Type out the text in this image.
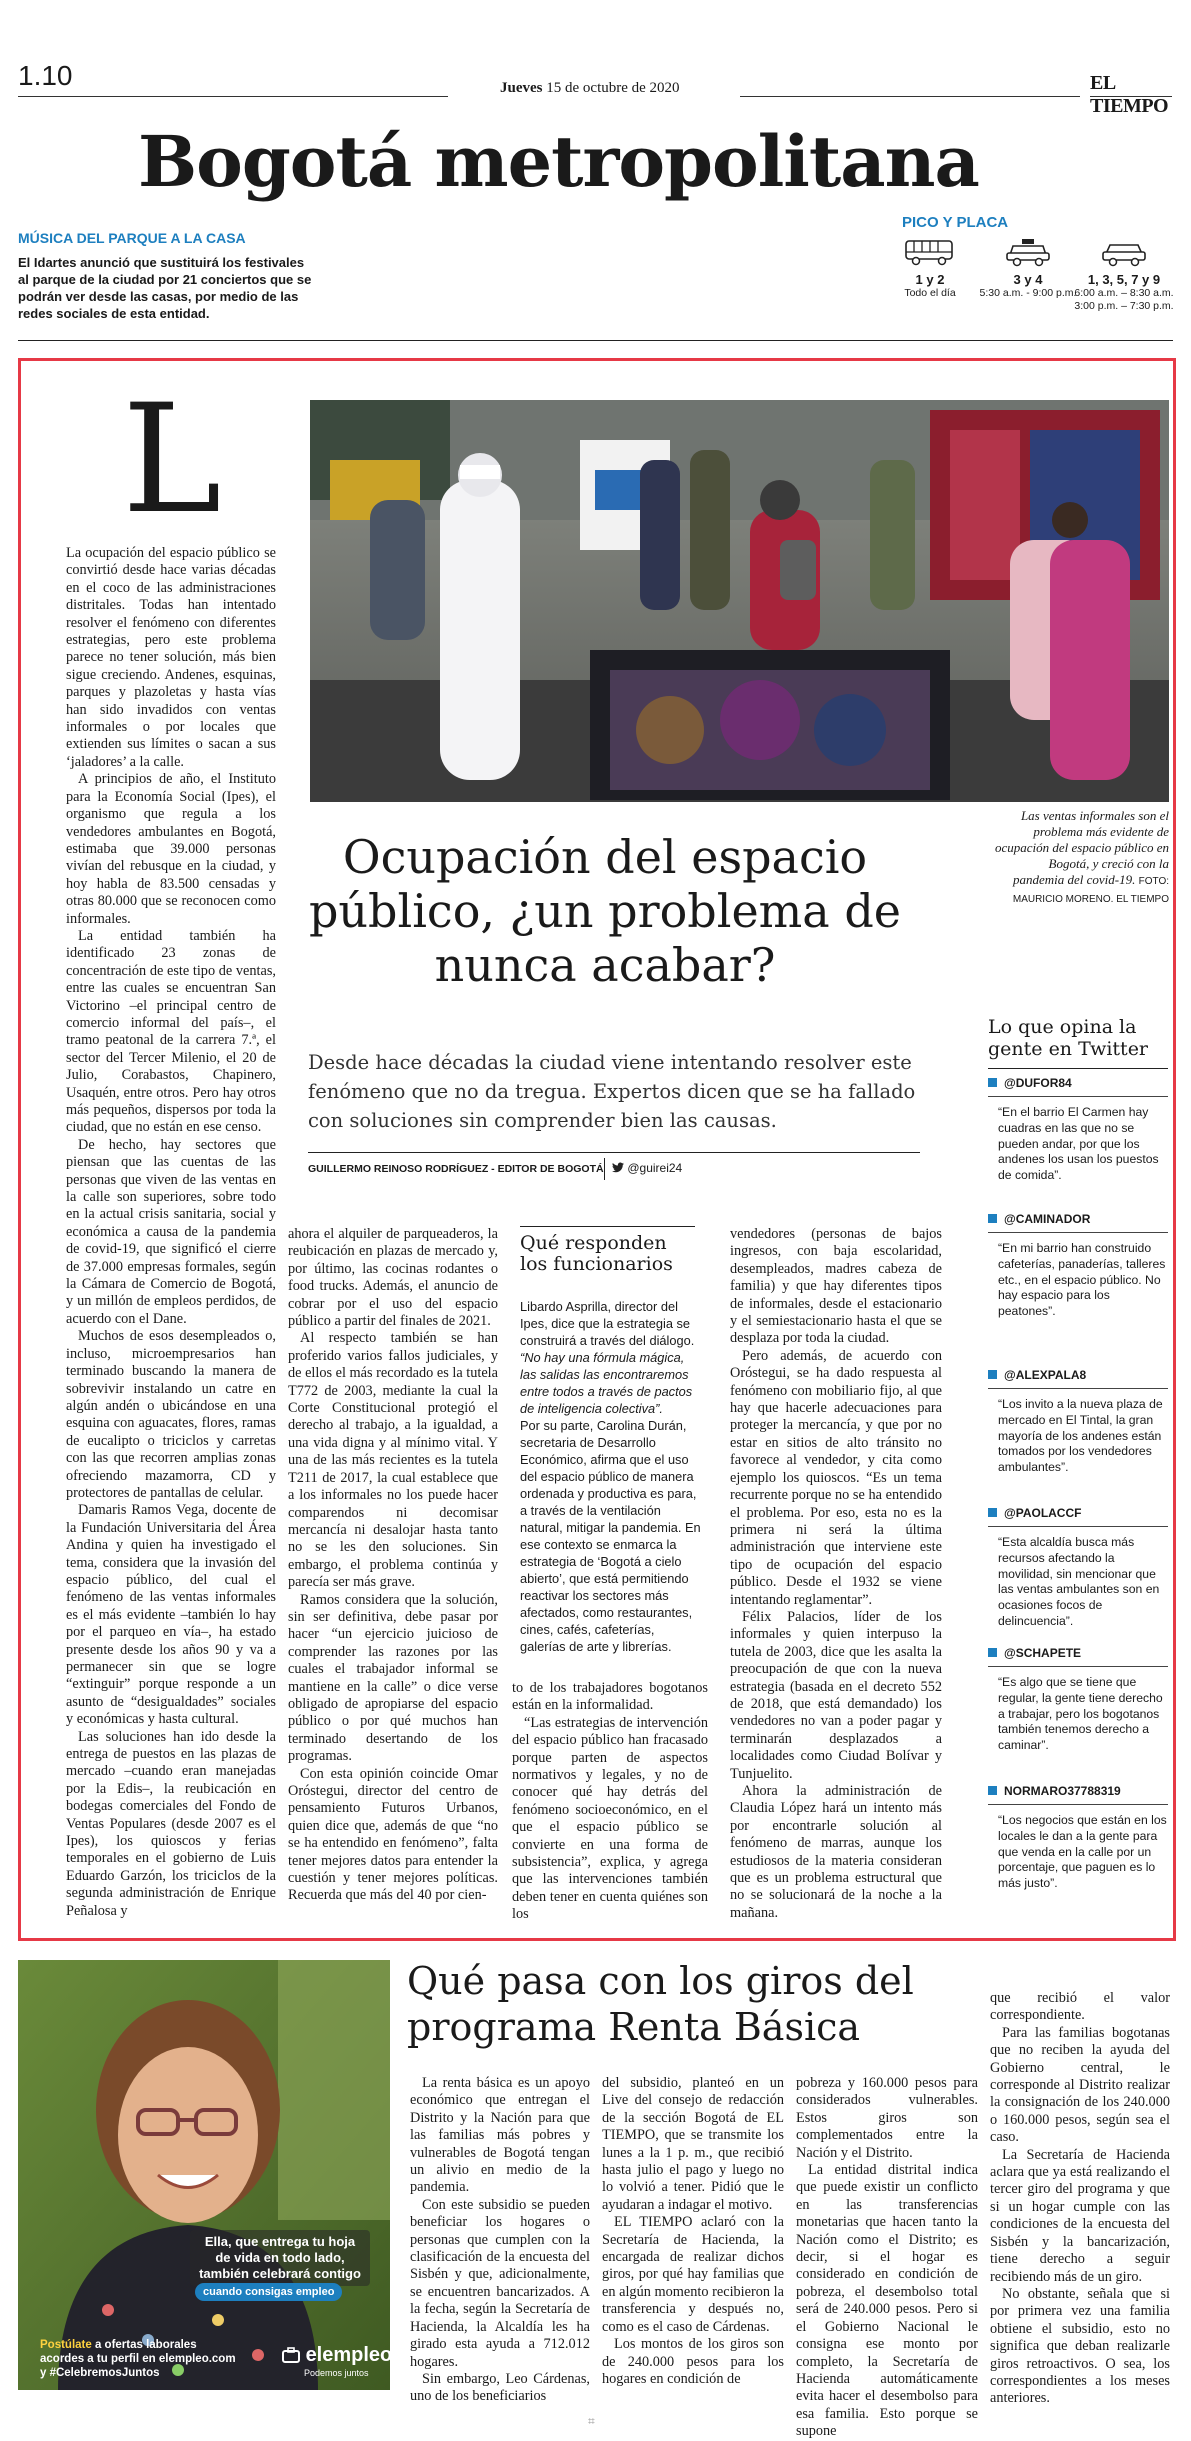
1.10	Jueves 15 de octubre de 2020	EL TIEMPO
Bogotá metropolitana
MÚSICA DEL PARQUE A LA CASA
El Idartes anunció que sustituirá los festivales al parque de la ciudad por 21 conciertos que se podrán ver desde las casas, por medio de las redes sociales de esta entidad.
PICO Y PLACA
1 y 2
Todo el día
3 y 4
5:30 a.m. - 9:00 p.m.
1, 3, 5, 7 y 9
6:00 a.m. – 8:30 a.m.
3:00 p.m. – 7:30 p.m.
L

La ocupación del espacio público se convirtió desde hace varias décadas en el coco de las administraciones distritales. Todas han intentado resolver el fenómeno con diferentes estrategias, pero este problema parece no tener solución, más bien sigue creciendo. Andenes, esquinas, parques y plazoletas y hasta vías han sido invadidos con ventas informales o por locales que extienden sus límites o sacan a sus ‘jaladores’ a la calle.

A principios de año, el Instituto para la Economía Social (Ipes), el organismo que regula a los vendedores ambulantes en Bogotá, estimaba que 39.000 personas vivían del rebusque en la ciudad, y hoy habla de 83.500 censadas y otras 80.000 que se reconocen como informales.

La entidad también ha identificado 23 zonas de concentración de este tipo de ventas, entre las cuales se encuentran San Victorino –el principal centro de comercio informal del país–, el tramo peatonal de la carrera 7.ª, el sector del Tercer Milenio, el 20 de Julio, Corabastos, Chapinero, Usaquén, entre otros. Pero hay otros más pequeños, dispersos por toda la ciudad, que no están en ese censo.

De hecho, hay sectores que piensan que las cuentas de las personas que viven de las ventas en la calle son superiores, sobre todo en la actual crisis sanitaria, social y económica a causa de la pandemia de covid-19, que significó el cierre de 37.000 empresas formales, según la Cámara de Comercio de Bogotá, y un millón de empleos perdidos, de acuerdo con el Dane.

Muchos de esos desempleados o, incluso, microempresarios han terminado buscando la manera de sobrevivir instalando un catre en algún andén o ubicándose en una esquina con aguacates, flores, ramas de eucalipto o triciclos y carretas con las que recorren amplias zonas ofreciendo mazamorra, CD y protectores de pantallas de celular.

Damaris Ramos Vega, docente de la Fundación Universitaria del Área Andina y quien ha investigado el tema, considera que la invasión del espacio público, del cual el fenómeno de las ventas informales es el más evidente –también lo hay por el parqueo en vía–, ha estado presente desde los años 90 y va a permanecer sin que se logre “extinguir” porque responde a un asunto de “desigualdades” sociales y económicas y hasta cultural.

Las soluciones han ido desde la entrega de puestos en las plazas de mercado –cuando eran manejadas por la Edis–, la reubicación en bodegas comerciales del Fondo de Ventas Populares (desde 2007 es el Ipes), los quioscos y ferias temporales en el gobierno de Luis Eduardo Garzón, los triciclos de la segunda administración de Enrique Peñalosa y

Las ventas informales son el problema más evidente de ocupación del espacio público en Bogotá, y creció con la pandemia del covid-19. FOTO: MAURICIO MORENO. EL TIEMPO
Ocupación del espacio público, ¿un problema de nunca acabar?
Desde hace décadas la ciudad viene intentando resolver este fenómeno que no da tregua. Expertos dicen que se ha fallado con soluciones sin comprender bien las causas.
GUILLERMO REINOSO RODRÍGUEZ - EDITOR DE BOGOTÁ	@guirei24

ahora el alquiler de parqueaderos, la reubicación en plazas de mercado y, por último, las cocinas rodantes o food trucks. Además, el anuncio de cobrar por el uso del espacio público a partir del finales de 2021.

Al respecto también se han proferido varios fallos judiciales, y de ellos el más recordado es la tutela T772 de 2003, mediante la cual la Corte Constitucional protegió el derecho al trabajo, a la igualdad, a una vida digna y al mínimo vital. Y una de las más recientes es la tutela T211 de 2017, la cual establece que a los informales no los puede hacer comparendos ni decomisar mercancía ni desalojar hasta tanto no se les den soluciones. Sin embargo, el problema continúa y parecía ser más grave.

Ramos considera que la solución, sin ser definitiva, debe pasar por hacer “un ejercicio juicioso de comprender las razones por las cuales el trabajador informal se mantiene en la calle” o dice verse obligado de apropiarse del espacio público o por qué muchos han terminado desertando de los programas.

Con esta opinión coincide Omar Oróstegui, director del centro de pensamiento Futuros Urbanos, quien dice que, además de que “no se ha entendido en fenómeno”, falta tener mejores datos para entender la cuestión y tener mejores políticas. Recuerda que más del 40 por cien-

Qué responden los funcionarios

Libardo Asprilla, director del Ipes, dice que la estrategia se construirá a través del diálogo. “No hay una fórmula mágica, las salidas las encontraremos entre todos a través de pactos de inteligencia colectiva”.

Por su parte, Carolina Durán, secretaria de Desarrollo Económico, afirma que el uso del espacio público de manera ordenada y productiva es para, a través de la ventilación natural, mitigar la pandemia. En ese contexto se enmarca la estrategia de ‘Bogotá a cielo abierto’, que está permitiendo reactivar los sectores más afectados, como restaurantes, cines, cafés, cafeterías, galerías de arte y librerías.

to de los trabajadores bogotanos están en la informalidad.

“Las estrategias de intervención del espacio público han fracasado porque parten de aspectos normativos y legales, y no de conocer qué hay detrás del fenómeno socioeconómico, en el que el espacio público se convierte en una forma de subsistencia”, explica, y agrega que las intervenciones también deben tener en cuenta quiénes son los

vendedores (personas de bajos ingresos, con baja escolaridad, desempleados, madres cabeza de familia) y que hay diferentes tipos de informales, desde el estacionario y el semiestacionario hasta el que se desplaza por toda la ciudad.

Pero además, de acuerdo con Oróstegui, se ha dado respuesta al fenómeno con mobiliario fijo, al que hay que hacerle adecuaciones para proteger la mercancía, y que por no estar en sitios de alto tránsito no favorece al vendedor, y cita como ejemplo los quioscos. “Es un tema recurrente porque no se ha entendido el problema. Por eso, esta no es la primera ni será la última administración que interviene este tipo de ocupación del espacio público. Desde el 1932 se viene intentando reglamentar”.

Félix Palacios, líder de los informales y quien interpuso la tutela de 2003, dice que les asalta la preocupación de que con la nueva estrategia (basada en el decreto 552 de 2018, que está demandado) los vendedores no van a poder pagar y terminarán desplazados a localidades como Ciudad Bolívar y Tunjuelito.

Ahora la administración de Claudia López hará un intento más por encontrarle solución al fenómeno de marras, aunque los estudiosos de la materia consideran que es un problema estructural que no se solucionará de la noche a la mañana.

Lo que opina la gente en Twitter
@DUFOR84
“En el barrio El Carmen hay cuadras en las que no se pueden andar, por que los andenes los usan los puestos de comida”.
@CAMINADOR
“En mi barrio han construido cafeterías, panaderías, talleres etc., en el espacio público. No hay espacio para los peatones”.
@ALEXPALA8
“Los invito a la nueva plaza de mercado en El Tintal, la gran mayoría de los andenes están tomados por los vendedores ambulantes”.
@PAOLACCF
“Esta alcaldía busca más recursos afectando la movilidad, sin mencionar que las ventas ambulantes son en ocasiones focos de delincuencia”.
@SCHAPETE
“Es algo que se tiene que regular, la gente tiene derecho a trabajar, pero los bogotanos también tenemos derecho a caminar”.
NORMARO37788319
“Los negocios que están en los locales le dan a la gente para que venda en la calle por un porcentaje, que paguen es lo más justo”.
Ella, que entrega tu hoja de vida en todo lado, también celebrará contigo
cuando consigas empleo
Postúlate a ofertas laborales acordes a tu perfil en elempleo.com y #CelebremosJuntos
elempleo
Podemos juntos
Qué pasa con los giros del programa Renta Básica

La renta básica es un apoyo económico que entregan el Distrito y la Nación para que las familias más pobres y vulnerables de Bogotá tengan un alivio en medio de la pandemia.

Con este subsidio se pueden beneficiar los hogares o personas que cumplen con la clasificación de la encuesta del Sisbén y que, adicionalmente, se encuentren bancarizados. A la fecha, según la Secretaría de Hacienda, la Alcaldía les ha girado esta ayuda a 712.012 hogares.

Sin embargo, Leo Cárdenas, uno de los beneficiarios

del subsidio, planteó en un Live del consejo de redacción de la sección Bogotá de EL TIEMPO, que se transmite los lunes a la 1 p. m., que recibió hasta julio el pago y luego no lo volvió a tener. Pidió que le ayudaran a indagar el motivo.

EL TIEMPO aclaró con la Secretaría de Hacienda, la encargada de realizar dichos giros, por qué hay familias que en algún momento recibieron la transferencia y después no, como es el caso de Cárdenas.

Los montos de los giros son de 240.000 pesos para los hogares en condición de

pobreza y 160.000 pesos para considerados vulnerables. Estos giros son complementados entre la Nación y el Distrito.

La entidad distrital indica que puede existir un conflicto en las transferencias monetarias que hacen tanto la Nación como el Distrito; es decir, si el hogar es considerado en condición de pobreza, el desembolso total será de 240.000 pesos. Pero si el Gobierno Nacional le consigna ese monto por completo, la Secretaría de Hacienda automáticamente evita hacer el desembolso para esa familia. Esto porque se supone

que recibió el valor correspondiente.

Para las familias bogotanas que no reciben la ayuda del Gobierno central, le corresponde al Distrito realizar la consignación de los 240.000 o 160.000 pesos, según sea el caso.

La Secretaría de Hacienda aclara que ya está realizando el tercer giro del programa y que si un hogar cumple con las condiciones de la encuesta del Sisbén y la bancarización, tiene derecho a seguir recibiendo más de un giro.

No obstante, señala que si por primera vez una familia obtiene el subsidio, esto no significa que deban realizarle giros retroactivos. O sea, los correspondientes a los meses anteriores.

⌗
